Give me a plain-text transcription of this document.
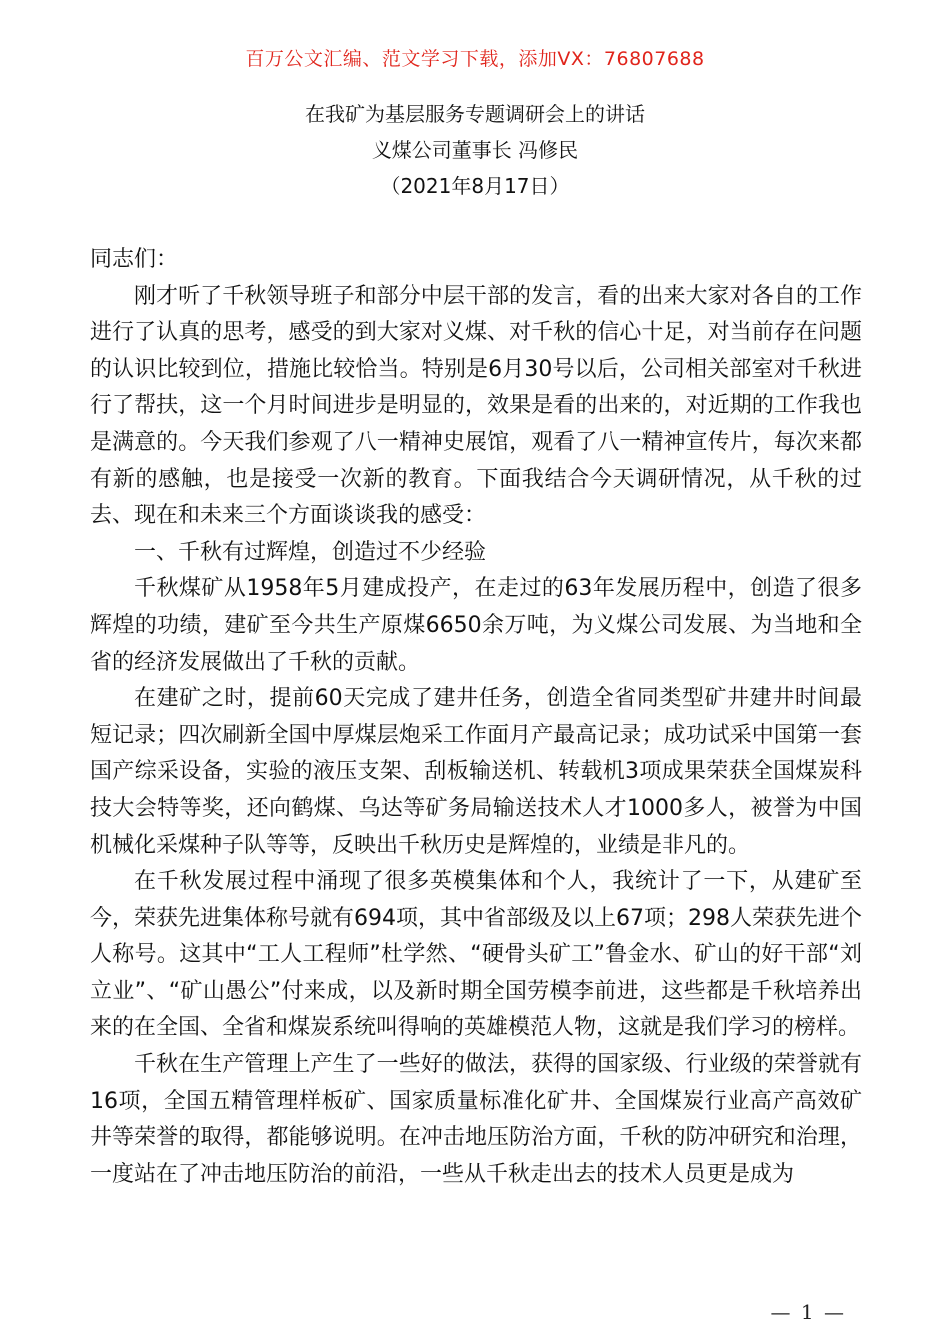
百万公文汇编、范文学习下载，添加VX：76807688
在我矿为基层服务专题调研会上的讲话
义煤公司董事长 冯修民
（2021年8月17日）

同志们：

刚才听了千秋领导班子和部分中层干部的发言，看的出来大家对各自的工作进行了认真的思考，感受的到大家对义煤、对千秋的信心十足，对当前存在问题的认识比较到位，措施比较恰当。特别是6月30号以后，公司相关部室对千秋进行了帮扶，这一个月时间进步是明显的，效果是看的出来的，对近期的工作我也是满意的。今天我们参观了八一精神史展馆，观看了八一精神宣传片，每次来都有新的感触，也是接受一次新的教育。下面我结合今天调研情况，从千秋的过去、现在和未来三个方面谈谈我的感受：

一、千秋有过辉煌，创造过不少经验

千秋煤矿从1958年5月建成投产，在走过的63年发展历程中，创造了很多辉煌的功绩，建矿至今共生产原煤6650余万吨，为义煤公司发展、为当地和全省的经济发展做出了千秋的贡献。

在建矿之时，提前60天完成了建井任务，创造全省同类型矿井建井时间最短记录；四次刷新全国中厚煤层炮采工作面月产最高记录；成功试采中国第一套国产综采设备，实验的液压支架、刮板输送机、转载机3项成果荣获全国煤炭科技大会特等奖，还向鹤煤、乌达等矿务局输送技术人才1000多人，被誉为中国机械化采煤种子队等等，反映出千秋历史是辉煌的，业绩是非凡的。

在千秋发展过程中涌现了很多英模集体和个人，我统计了一下，从建矿至今，荣获先进集体称号就有694项，其中省部级及以上67项；298人荣获先进个人称号。这其中“工人工程师”杜学然、“硬骨头矿工”鲁金水、矿山的好干部“刘立业”、“矿山愚公”付来成，以及新时期全国劳模李前进，这些都是千秋培养出来的在全国、全省和煤炭系统叫得响的英雄模范人物，这就是我们学习的榜样。

千秋在生产管理上产生了一些好的做法，获得的国家级、行业级的荣誉就有16项，全国五精管理样板矿、国家质量标准化矿井、全国煤炭行业高产高效矿井等荣誉的取得，都能够说明。在冲击地压防治方面，千秋的防冲研究和治理，一度站在了冲击地压防治的前沿，一些从千秋走出去的技术人员更是成为

— 1 —
